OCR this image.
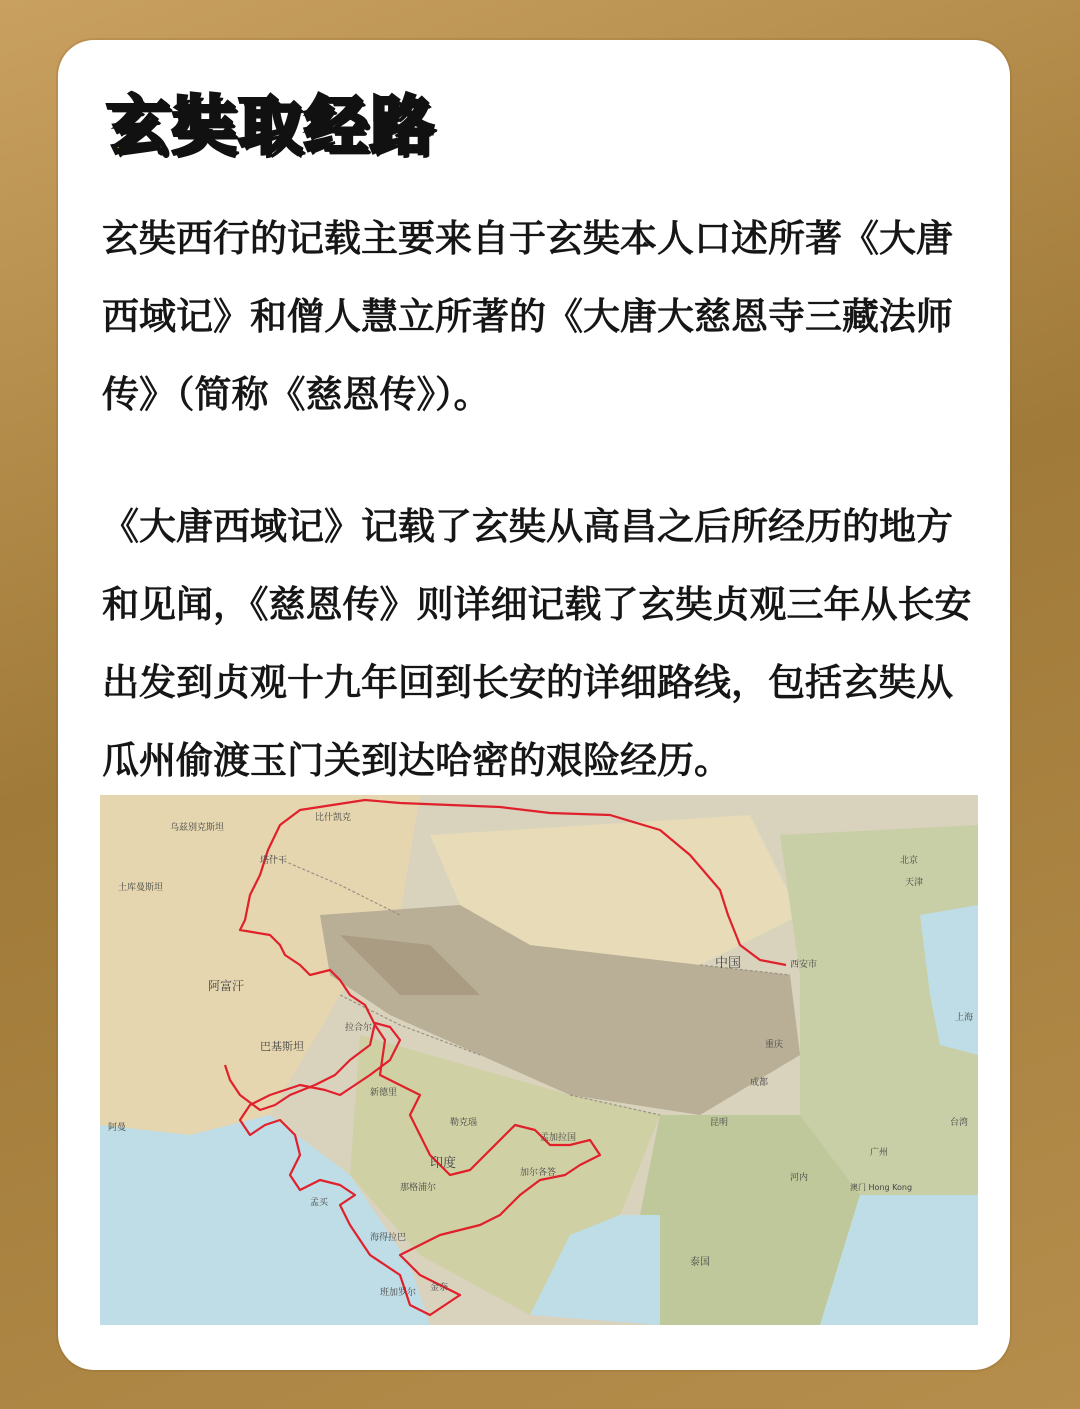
玄奘取经路

玄奘西行的记载主要来自于玄奘本人口述所著《大唐西域记》和僧人慧立所著的《大唐大慈恩寺三藏法师传》（简称《慈恩传》）。

《大唐西域记》记载了玄奘从高昌之后所经历的地方和见闻，《慈恩传》则详细记载了玄奘贞观三年从长安出发到贞观十九年回到长安的详细路线，包括玄奘从瓜州偷渡玉门关到达哈密的艰险经历。

中国	西安市
印度
阿富汗
巴基斯坦
北京
天津
上海
重庆
成都
昆明
广州
澳门 Hong Kong
台湾
河内
孟加拉国
加尔各答
勒克瑙
新德里
海得拉巴
班加罗尔 金奈
泰国
比什凯克
塔什干
拉合尔
那格浦尔
孟买
乌兹别克斯坦
土库曼斯坦
阿曼
